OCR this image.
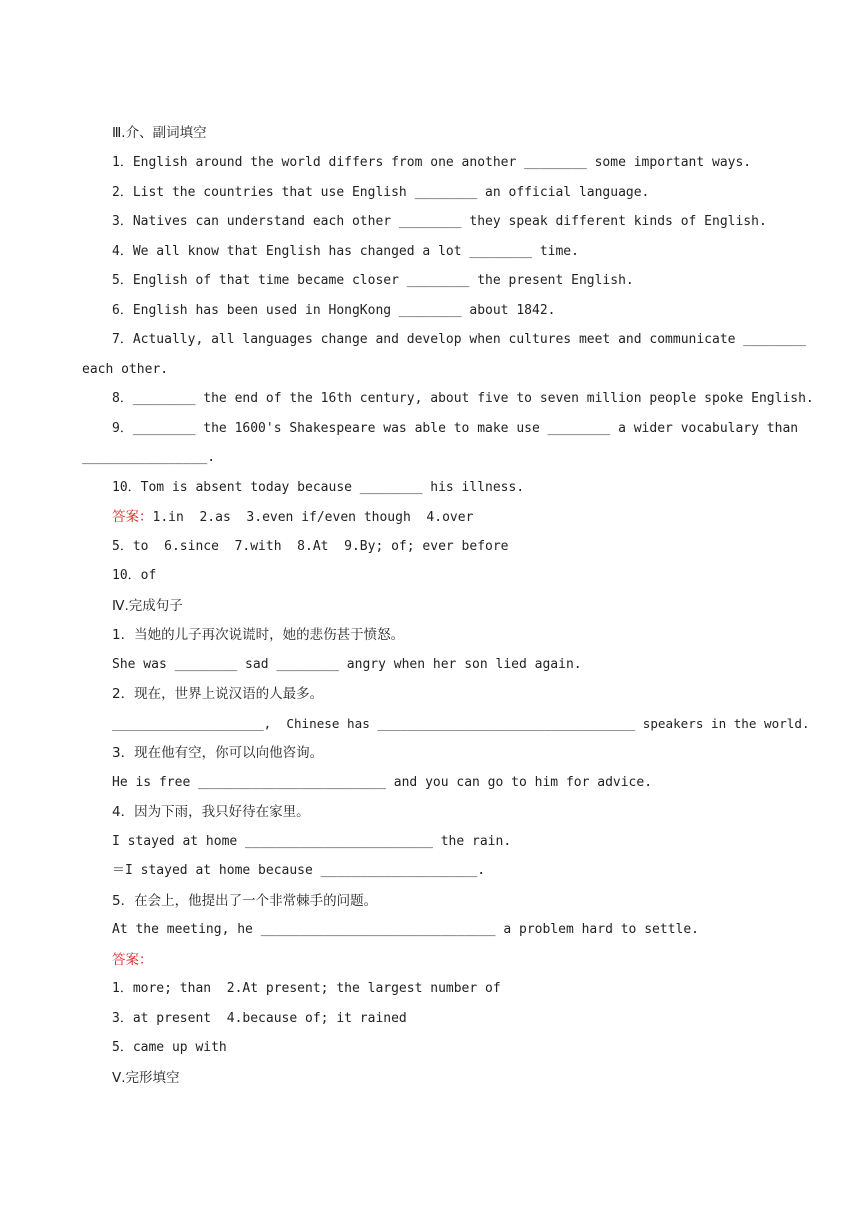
Ⅲ.介、副词填空
1．English around the world differs from one another ________ some important ways.
2．List the countries that use English ________ an official language.
3．Natives can understand each other ________ they speak different kinds of English.
4．We all know that English has changed a lot ________ time.
5．English of that time became closer ________ the present English.
6．English has been used in HongKong ________ about 1842.
7．Actually, all languages change and develop when cultures meet and communicate ________
each other.
8．________ the end of the 16th century, about five to seven million people spoke English.
9．________ the 1600's Shakespeare was able to make use ________ a wider vocabulary than
________________.
10．Tom is absent today because ________ his illness.
答案：1.in  2.as  3.even if/even though  4.over
5．to  6.since  7.with  8.At  9.By; of; ever before
10．of
Ⅳ.完成句子
1．当她的儿子再次说谎时，她的悲伤甚于愤怒。
She was ________ sad ________ angry when her son lied again.
2．现在，世界上说汉语的人最多。
____________________,  Chinese has __________________________________ speakers in the world.
3．现在他有空，你可以向他咨询。
He is free ________________________ and you can go to him for advice.
4．因为下雨，我只好待在家里。
I stayed at home ________________________ the rain.
＝I stayed at home because ____________________.
5．在会上，他提出了一个非常棘手的问题。
At the meeting, he ______________________________ a problem hard to settle.
答案：
1．more; than  2.At present; the largest number of
3．at present  4.because of; it rained
5．came up with
Ⅴ.完形填空
